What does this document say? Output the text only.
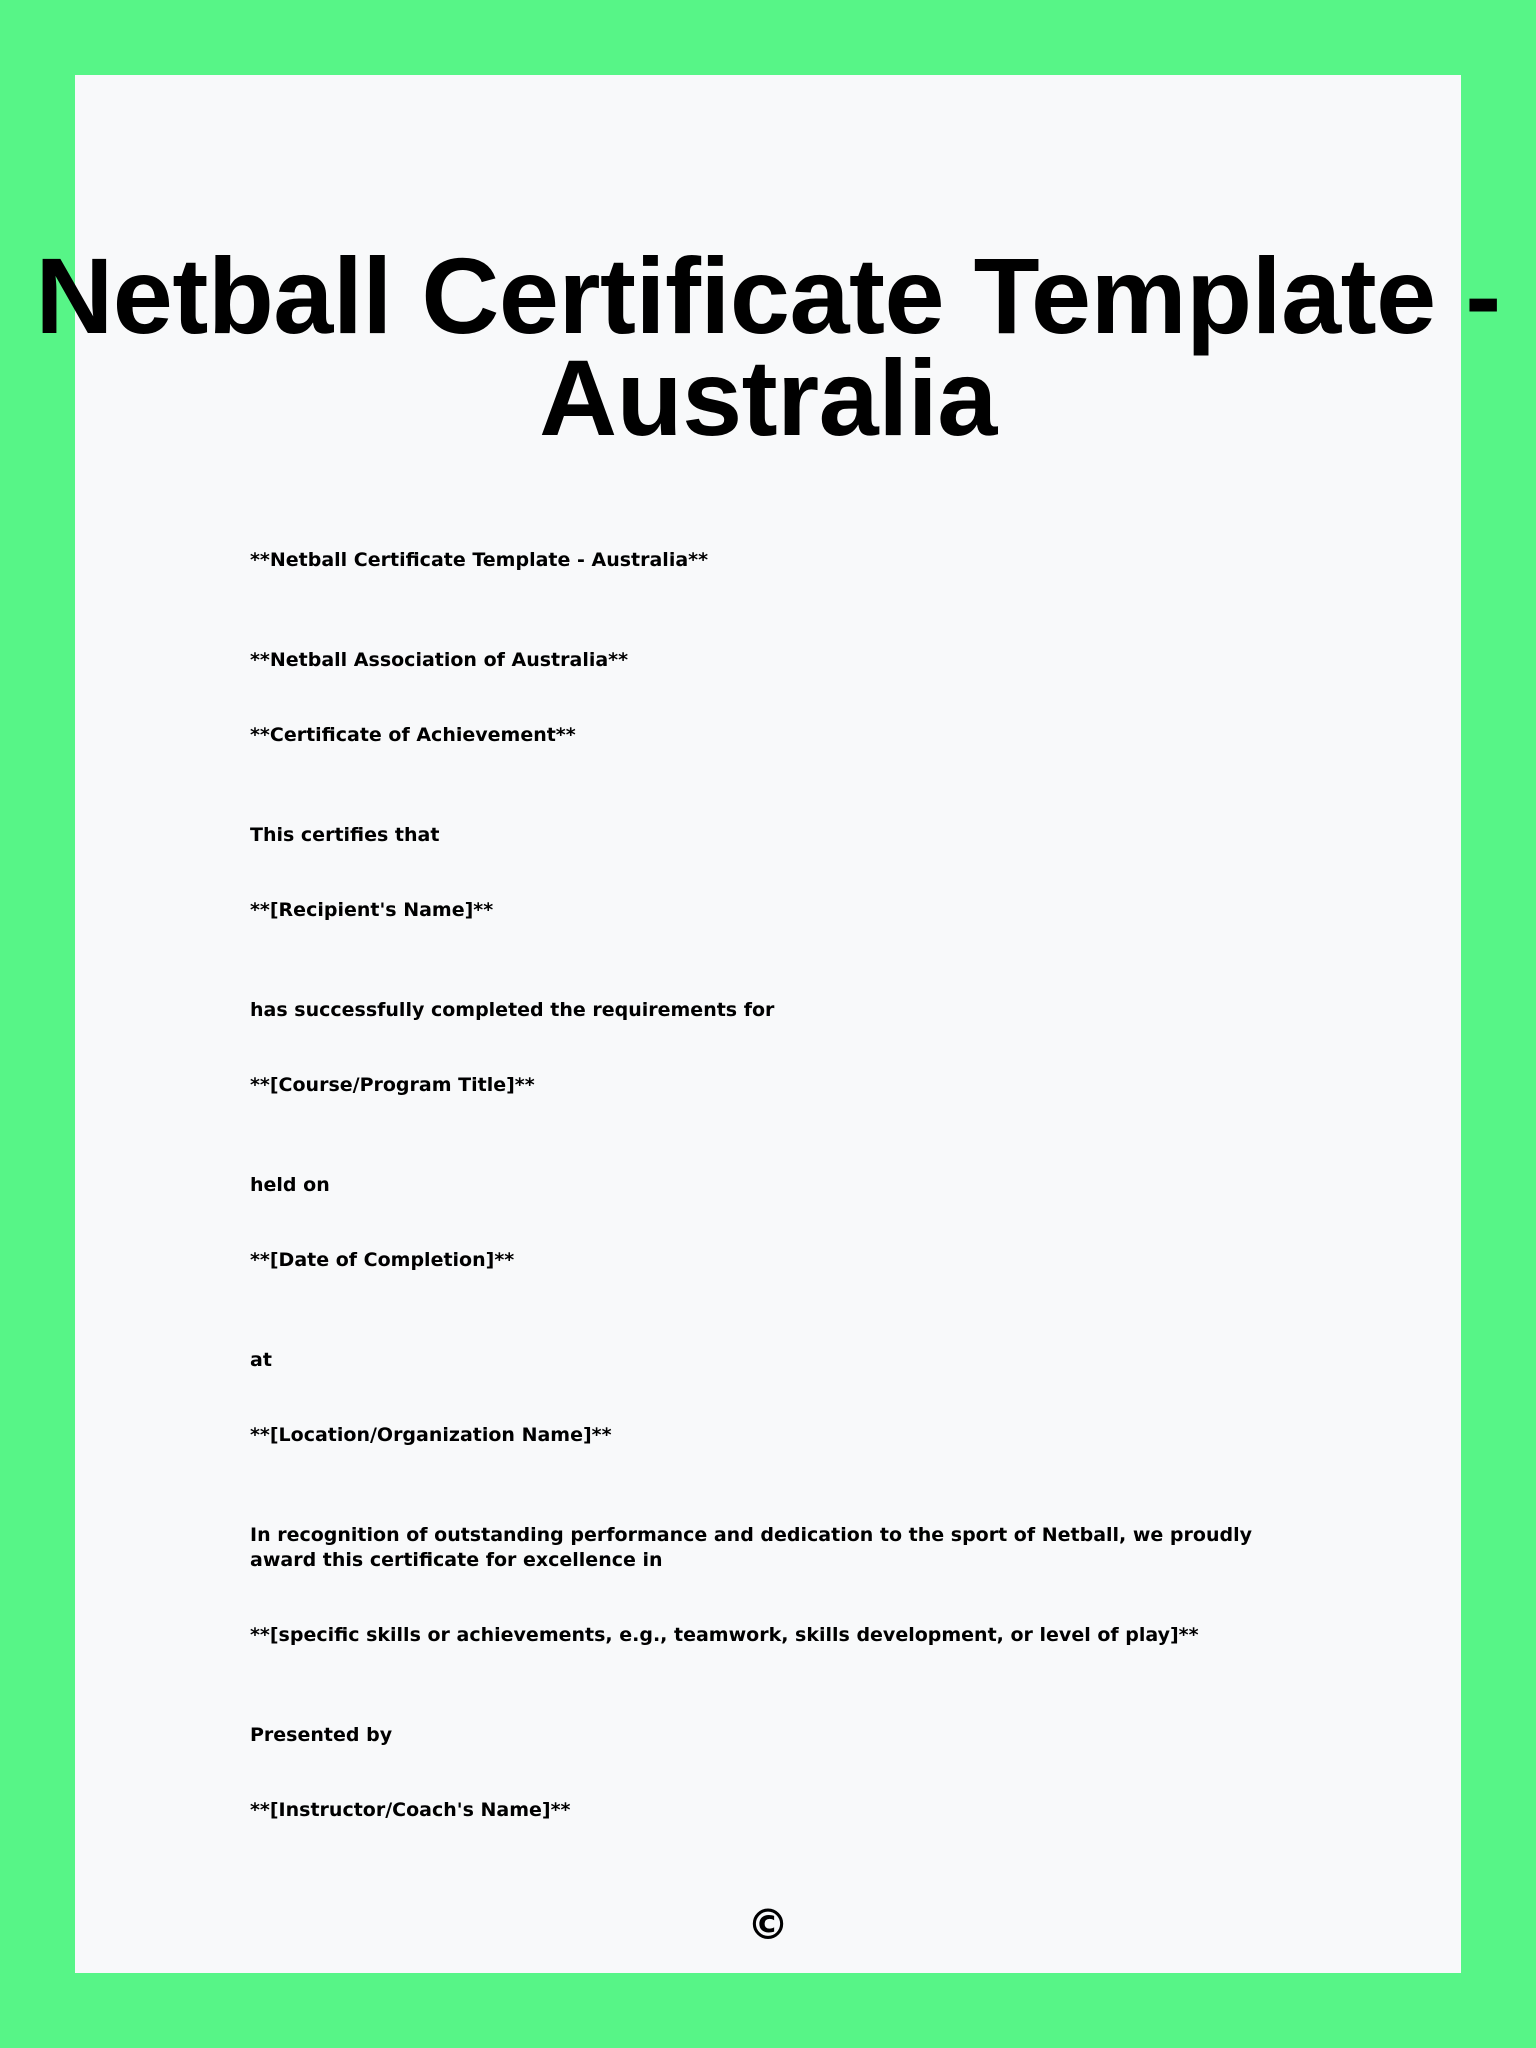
Netball Certificate Template - Australia

**Netball Certificate Template - Australia**

**Netball Association of Australia**

**Certificate of Achievement**

This certifies that

**[Recipient's Name]**

has successfully completed the requirements for

**[Course/Program Title]**

held on

**[Date of Completion]**

at

**[Location/Organization Name]**

In recognition of outstanding performance and dedication to the sport of Netball, we proudly award this certificate for excellence in

**[specific skills or achievements, e.g., teamwork, skills development, or level of play]**

Presented by

**[Instructor/Coach's Name]**

©
